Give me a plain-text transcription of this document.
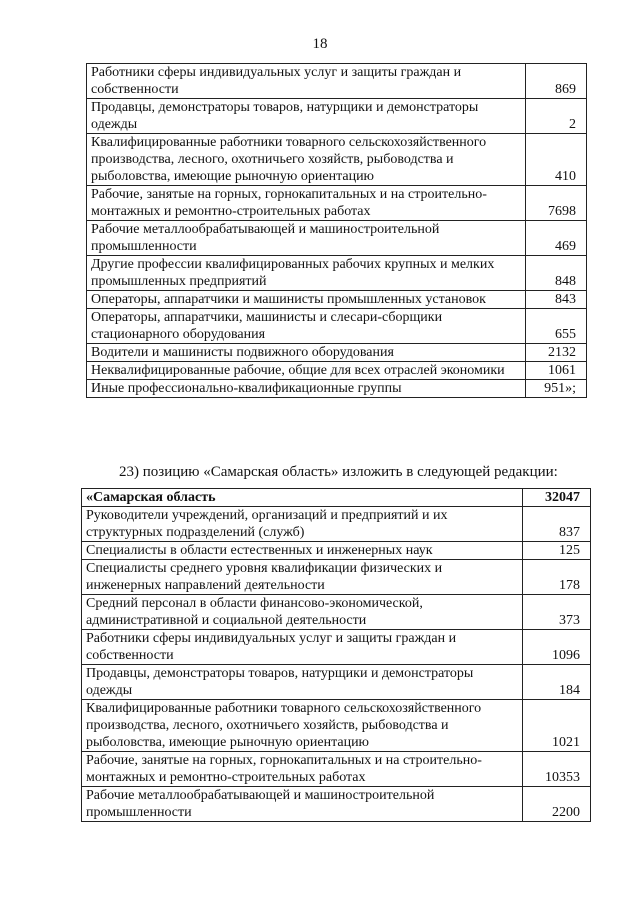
18
Работники сферы индивидуальных услуг и защиты граждан и собственности	869
Продавцы, демонстраторы товаров, натурщики и демонстраторы одежды	2
Квалифицированные работники товарного сельскохозяйственного производства, лесного, охотничьего хозяйств, рыбоводства и рыболовства, имеющие рыночную ориентацию	410
Рабочие, занятые на горных, горнокапитальных и на строительно-монтажных и ремонтно-строительных работах	7698
Рабочие металлообрабатывающей и машиностроительной промышленности	469
Другие профессии квалифицированных рабочих крупных и мелких промышленных предприятий	848
Операторы, аппаратчики и машинисты промышленных установок	843
Операторы, аппаратчики, машинисты и слесари-сборщики стационарного оборудования	655
Водители и машинисты подвижного оборудования	2132
Неквалифицированные рабочие, общие для всех отраслей экономики	1061
Иные профессионально-квалификационные группы	951»;
23) позицию «Самарская область» изложить в следующей редакции:
«Самарская область	32047
Руководители учреждений, организаций и предприятий и их структурных подразделений (служб)	837
Специалисты в области естественных и инженерных наук	125
Специалисты среднего уровня квалификации физических и инженерных направлений деятельности	178
Средний персонал в области финансово-экономической, административной и социальной деятельности	373
Работники сферы индивидуальных услуг и защиты граждан и собственности	1096
Продавцы, демонстраторы товаров, натурщики и демонстраторы одежды	184
Квалифицированные работники товарного сельскохозяйственного производства, лесного, охотничьего хозяйств, рыбоводства и рыболовства, имеющие рыночную ориентацию	1021
Рабочие, занятые на горных, горнокапитальных и на строительно-монтажных и ремонтно-строительных работах	10353
Рабочие металлообрабатывающей и машиностроительной промышленности	2200
